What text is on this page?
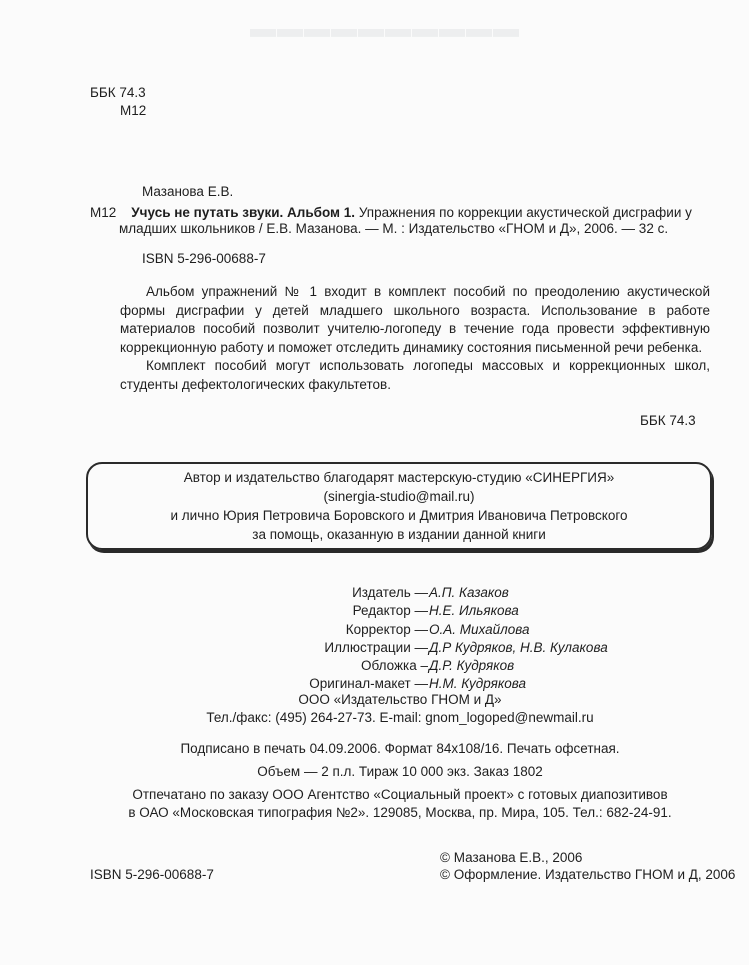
▬▬▬▬▬▬▬▬▬▬
ББК 74.3
М12
Мазанова Е.В.
М12 Учусь не путать звуки. Альбом 1. Упражнения по коррекции акустической дисграфии у
младших школьников / Е.В. Мазанова. — М. : Издательство «ГНОМ и Д», 2006. — 32 с.
ISBN 5-296-00688-7

Альбом упражнений № 1 входит в комплект пособий по преодолению акустической формы дисграфии у детей младшего школьного возраста. Использование в работе материалов пособий позволит учителю-логопеду в течение года провести эффективную коррекционную работу и поможет отследить динамику состояния письменной речи ребенка.

Комплект пособий могут использовать логопеды массовых и коррекционных школ, студенты дефектологических факультетов.

ББК 74.3
Автор и издательство благодарят мастерскую-студию «СИНЕРГИЯ»
(sinergia-studio@mail.ru)
и лично Юрия Петровича Боровского и Дмитрия Ивановича Петровского
за помощь, оказанную в издании данной книги
Издатель — А.П. Казаков
Редактор — Н.Е. Ильякова
Корректор — О.А. Михайлова
Иллюстрации — Д.Р Кудряков, Н.В. Кулакова
Обложка – Д.Р. Кудряков
Оригинал-макет — Н.М. Кудрякова
ООО «Издательство ГНОМ и Д»
Тел./факс: (495) 264-27-73. E-mail: gnom_logoped@newmail.ru
Подписано в печать 04.09.2006. Формат 84x108/16. Печать офсетная.
Объем — 2 п.л. Тираж 10 000 экз. Заказ 1802
Отпечатано по заказу ООО Агентство «Социальный проект» с готовых диапозитивов
в ОАО «Московская типография №2». 129085, Москва, пр. Мира, 105. Тел.: 682-24-91.
ISBN 5-296-00688-7
© Мазанова Е.В., 2006
© Оформление. Издательство ГНОМ и Д, 2006
